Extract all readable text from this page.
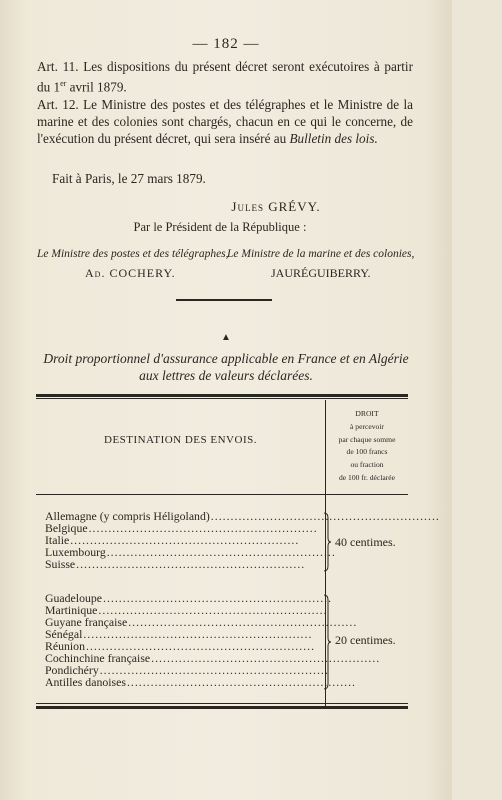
— 182 —
Art. 11. Les dispositions du présent décret seront exécutoires à partir du 1er avril 1879.
Art. 12. Le Ministre des postes et des télégraphes et le Ministre de la marine et des colonies sont chargés, chacun en ce qui le concerne, de l'exécution du présent décret, qui sera inséré au Bulletin des lois.
Fait à Paris, le 27 mars 1879.
Jules GRÉVY.
Par le Président de la République :
Le Ministre des postes et des télégraphes,
Le Ministre de la marine et des colonies,
Ad. COCHERY.	JAURÉGUIBERRY.
▲
Droit proportionnel d'assurance applicable en France et en Algérie aux lettres de valeurs déclarées.
DESTINATION DES ENVOIS.
DROIT
à percevoir
par chaque somme
de 100 francs
ou fraction
de 100 fr. déclarée
Allemagne (y compris Héligoland) ..........................................................
Belgique ..........................................................
Italie ..........................................................
Luxembourg ..........................................................
Suisse ..........................................................
40 centimes.
Guadeloupe ..........................................................
Martinique ..........................................................
Guyane française ..........................................................
Sénégal ..........................................................
Réunion ..........................................................
Cochinchine française ..........................................................
Pondichéry ..........................................................
Antilles danoises ..........................................................
20 centimes.
